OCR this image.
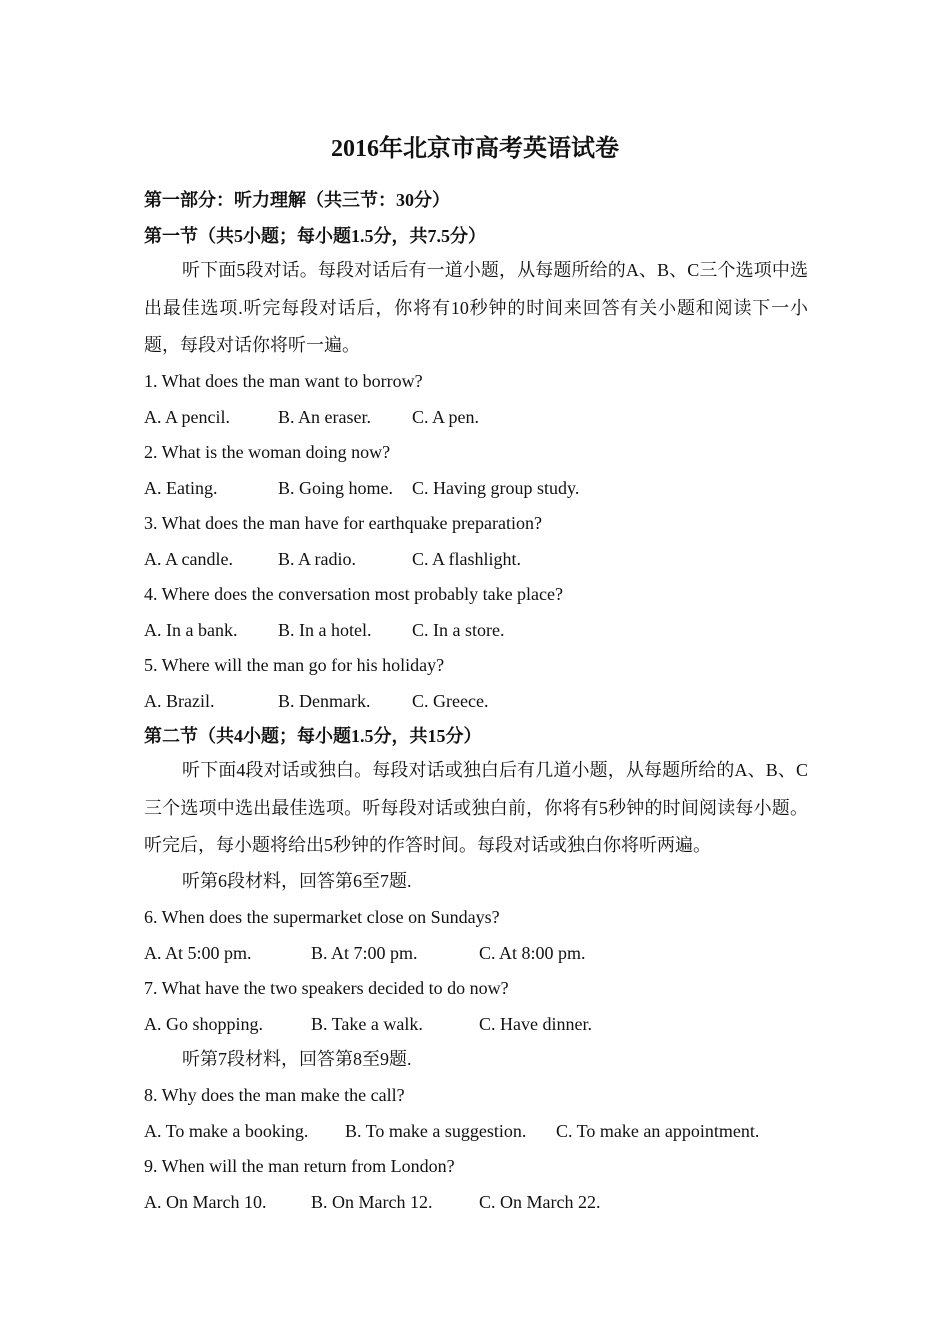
2016年北京市高考英语试卷
第一部分：听力理解（共三节：30分）
第一节（共5小题；每小题1.5分，共7.5分）
听下面5段对话。每段对话后有一道小题，从每题所给的A、B、C三个选项中选出最佳选项.听完每段对话后，你将有10秒钟的时间来回答有关小题和阅读下一小题，每段对话你将听一遍。
1. What does the man want to borrow?
A. A pencil.	B. An eraser. C. A pen.
2. What is the woman doing now?
A. Eating.	B. Going home. C. Having group study.
3. What does the man have for earthquake preparation?
A. A candle.	B. A radio.	C. A flashlight.
4. Where does the conversation most probably take place?
A. In a bank. B. In a hotel. C. In a store.
5. Where will the man go for his holiday?
A. Brazil.	B. Denmark. C. Greece.
第二节（共4小题；每小题1.5分，共15分）
听下面4段对话或独白。每段对话或独白后有几道小题，从每题所给的A、B、C三个选项中选出最佳选项。听每段对话或独白前，你将有5秒钟的时间阅读每小题。听完后，每小题将给出5秒钟的作答时间。每段对话或独白你将听两遍。
听第6段材料，回答第6至7题.
6. When does the supermarket close on Sundays?
A. At 5:00 pm.	B. At 7:00 pm.	C. At 8:00 pm.
7. What have the two speakers decided to do now?
A. Go shopping.	B. Take a walk.	C. Have dinner.
听第7段材料，回答第8至9题.
8. Why does the man make the call?
A. To make a booking. B. To make a suggestion. C. To make an appointment.
9. When will the man return from London?
A. On March 10. B. On March 12.	C. On March 22.
